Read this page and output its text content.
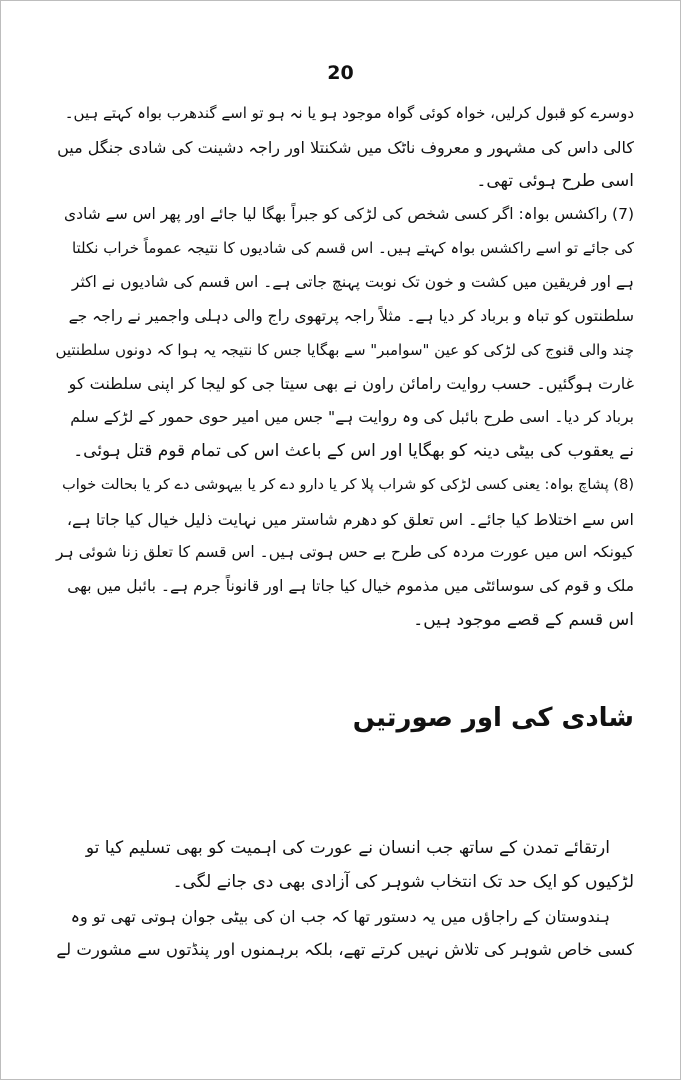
20

دوسرے کو قبول کرلیں، خواہ کوئی گواہ موجود ہو یا نہ ہو تو اسے گندھرب بواہ کہتے ہیں۔

کالی داس کی مشہور و معروف ناٹک میں شکنتلا اور راجہ دشینت کی شادی جنگل میں

اسی طرح ہوئی تھی۔

(7) راکشس بواہ: اگر کسی شخص کی لڑکی کو جبراً بھگا لیا جائے اور پھر اس سے شادی

کی جائے تو اسے راکشس بواہ کہتے ہیں۔ اس قسم کی شادیوں کا نتیجہ عموماً خراب نکلتا

ہے اور فریقین میں کشت و خون تک نوبت پہنچ جاتی ہے۔ اس قسم کی شادیوں نے اکثر

سلطنتوں کو تباہ و برباد کر دیا ہے۔ مثلاً راجہ پرتھوی راج والی دہلی واجمیر نے راجہ جے

چند والی قنوج کی لڑکی کو عین "سوامبر" سے بھگایا جس کا نتیجہ یہ ہوا کہ دونوں سلطنتیں

غارت ہوگئیں۔ حسب روایت رامائن راون نے بھی سیتا جی کو لیجا کر اپنی سلطنت کو

برباد کر دیا۔ اسی طرح بائبل کی وہ روایت ہے" جس میں امیر حوی حمور کے لڑکے سلم

نے یعقوب کی بیٹی دینہ کو بھگایا اور اس کے باعث اس کی تمام قوم قتل ہوئی۔

(8) پشاچ بواہ: یعنی کسی لڑکی کو شراب پلا کر یا دارو دے کر یا بیہوشی دے کر یا بحالت خواب

اس سے اختلاط کیا جائے۔ اس تعلق کو دھرم شاستر میں نہایت ذلیل خیال کیا جاتا ہے،

کیونکہ اس میں عورت مردہ کی طرح بے حس ہوتی ہیں۔ اس قسم کا تعلق زنا شوئی ہر

ملک و قوم کی سوسائٹی میں مذموم خیال کیا جاتا ہے اور قانوناً جرم ہے۔ بائبل میں بھی

اس قسم کے قصے موجود ہیں۔

شادی کی اور صورتیں

ارتقائے تمدن کے ساتھ جب انسان نے عورت کی اہمیت کو بھی تسلیم کیا تو

لڑکیوں کو ایک حد تک انتخاب شوہر کی آزادی بھی دی جانے لگی۔

ہندوستان کے راجاؤں میں یہ دستور تھا کہ جب ان کی بیٹی جوان ہوتی تھی تو وہ

کسی خاص شوہر کی تلاش نہیں کرتے تھے، بلکہ برہمنوں اور پنڈتوں سے مشورت لے
